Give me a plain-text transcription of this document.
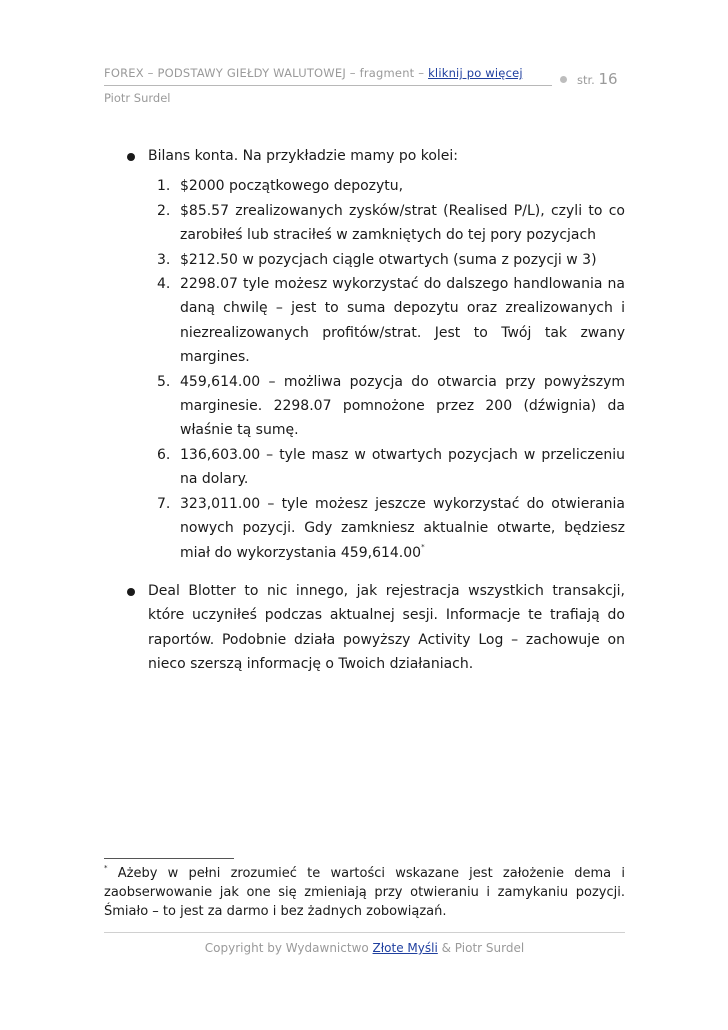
FOREX – PODSTAWY GIEŁDY WALUTOWEJ – fragment – kliknij po więcej	str. 16
Piotr Surdel
Bilans konta. Na przykładzie mamy po kolei:
1. $2000 początkowego depozytu,
2. $85.57 zrealizowanych zysków/strat (Realised P/L), czyli to co zarobiłeś lub straciłeś w zamkniętych do tej pory pozycjach
3. $212.50 w pozycjach ciągle otwartych (suma z pozycji w 3)
4. 2298.07 tyle możesz wykorzystać do dalszego handlowania na daną chwilę – jest to suma depozytu oraz zrealizowanych i niezrealizowanych profitów/strat. Jest to Twój tak zwany margines.
5. 459,614.00 – możliwa pozycja do otwarcia przy powyższym marginesie. 2298.07 pomnożone przez 200 (dźwignia) da właśnie tą sumę.
6. 136,603.00 – tyle masz w otwartych pozycjach w przeliczeniu na dolary.
7. 323,011.00 – tyle możesz jeszcze wykorzystać do otwierania nowych pozycji. Gdy zamkniesz aktualnie otwarte, będziesz miał do wykorzystania 459,614.00*
Deal Blotter to nic innego, jak rejestracja wszystkich transakcji, które uczyniłeś podczas aktualnej sesji. Informacje te trafiają do raportów. Podobnie działa powyższy Activity Log – zachowuje on nieco szerszą informację o Twoich działaniach.
* Ażeby w pełni zrozumieć te wartości wskazane jest założenie dema i zaobserwowanie jak one się zmieniają przy otwieraniu i zamykaniu pozycji. Śmiało – to jest za darmo i bez żadnych zobowiązań.
Copyright by Wydawnictwo Złote Myśli & Piotr Surdel
